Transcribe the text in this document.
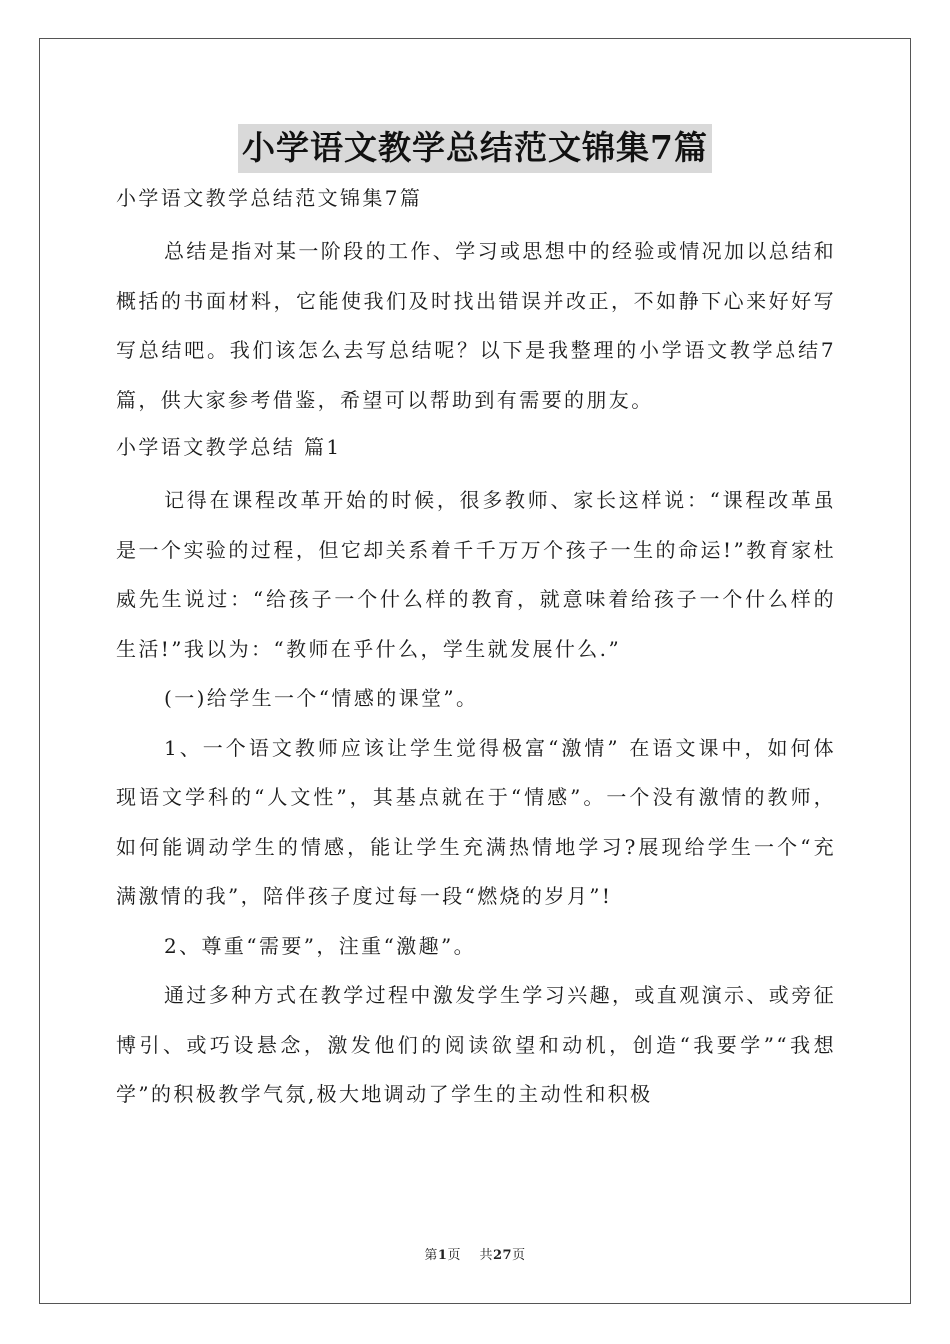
小学语文教学总结范文锦集7篇

小学语文教学总结范文锦集7篇

总结是指对某一阶段的工作、学习或思想中的经验或情况加以总结和概括的书面材料，它能使我们及时找出错误并改正，不如静下心来好好写写总结吧。我们该怎么去写总结呢？以下是我整理的小学语文教学总结7篇，供大家参考借鉴，希望可以帮助到有需要的朋友。

小学语文教学总结 篇1

记得在课程改革开始的时候，很多教师、家长这样说：“课程改革虽是一个实验的过程，但它却关系着千千万万个孩子一生的命运!”教育家杜威先生说过：“给孩子一个什么样的教育，就意味着给孩子一个什么样的生活!”我以为：“教师在乎什么，学生就发展什么.”

(一)给学生一个“情感的课堂”。

1、一个语文教师应该让学生觉得极富“激情” 在语文课中，如何体现语文学科的“人文性”，其基点就在于“情感”。一个没有激情的教师，如何能调动学生的情感，能让学生充满热情地学习?展现给学生一个“充满激情的我”，陪伴孩子度过每一段“燃烧的岁月”!

2、尊重“需要”，注重“激趣”。

通过多种方式在教学过程中激发学生学习兴趣，或直观演示、或旁征博引、或巧设悬念，激发他们的阅读欲望和动机，创造“我要学”“我想学”的积极教学气氛,极大地调动了学生的主动性和积极

第1页 共27页
